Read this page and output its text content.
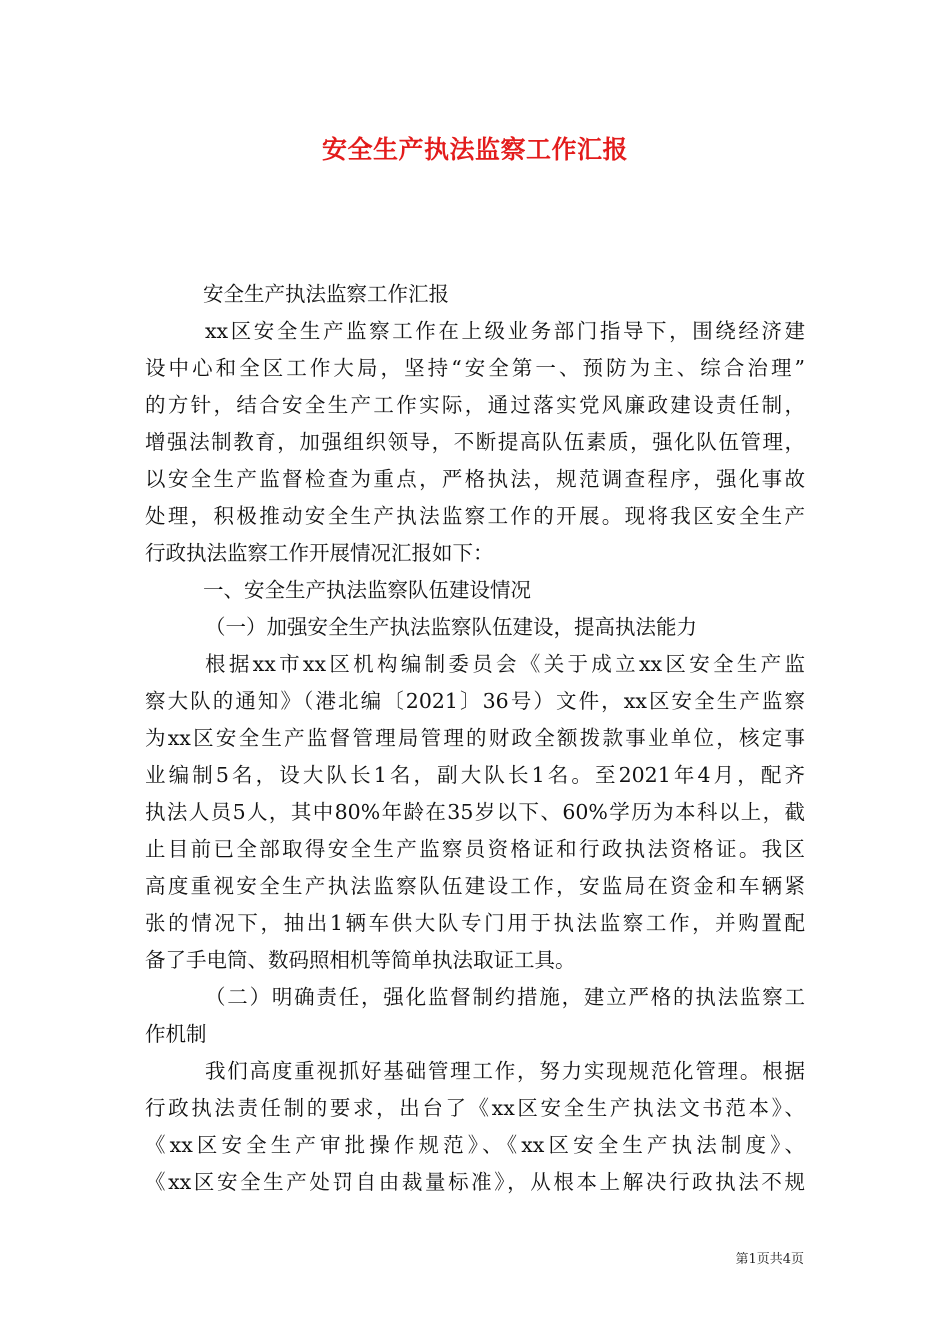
安全生产执法监察工作汇报
安全生产执法监察工作汇报
xx区安全生产监察工作在上级业务部门指导下，围绕经济建
设中心和全区工作大局，坚持“安全第一、预防为主、综合治理”
的方针，结合安全生产工作实际，通过落实党风廉政建设责任制，
增强法制教育，加强组织领导，不断提高队伍素质，强化队伍管理，
以安全生产监督检查为重点，严格执法，规范调查程序，强化事故
处理，积极推动安全生产执法监察工作的开展。现将我区安全生产
行政执法监察工作开展情况汇报如下：
一、安全生产执法监察队伍建设情况
（一）加强安全生产执法监察队伍建设，提高执法能力
根据xx市xx区机构编制委员会《关于成立xx区安全生产监
察大队的通知》（港北编〔2021〕36号）文件，xx区安全生产监察
为xx区安全生产监督管理局管理的财政全额拨款事业单位，核定事
业编制5名，设大队长1名，副大队长1名。至2021年4月，配齐
执法人员5人，其中80%年龄在35岁以下、60%学历为本科以上，截
止目前已全部取得安全生产监察员资格证和行政执法资格证。我区
高度重视安全生产执法监察队伍建设工作，安监局在资金和车辆紧
张的情况下，抽出1辆车供大队专门用于执法监察工作，并购置配
备了手电筒、数码照相机等简单执法取证工具。
（二）明确责任，强化监督制约措施，建立严格的执法监察工
作机制
我们高度重视抓好基础管理工作，努力实现规范化管理。根据
行政执法责任制的要求，出台了《xx区安全生产执法文书范本》、
《xx区安全生产审批操作规范》、《xx区安全生产执法制度》、
《xx区安全生产处罚自由裁量标准》，从根本上解决行政执法不规
第1页共4页
